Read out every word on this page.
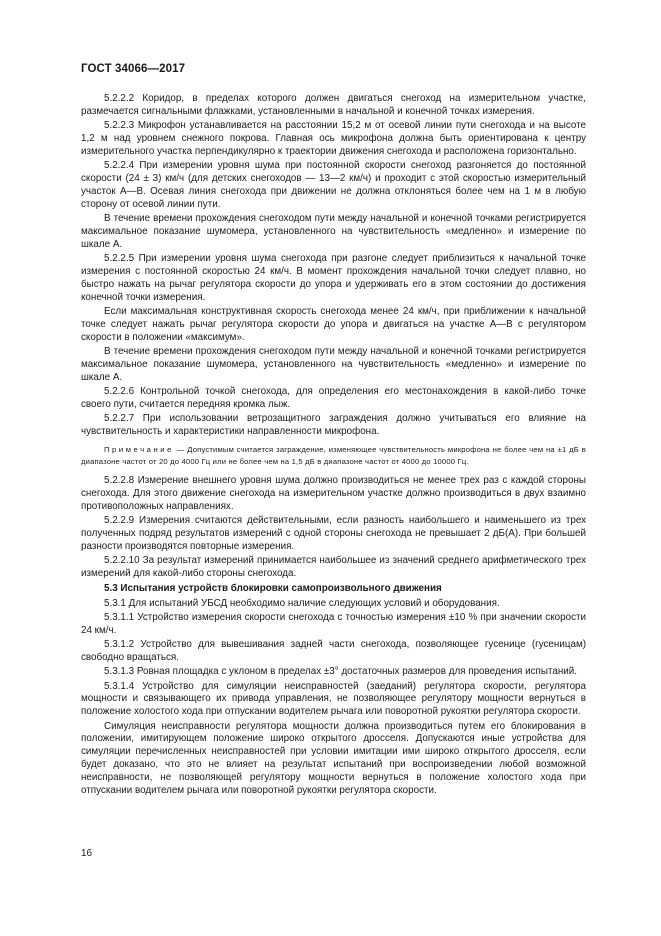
ГОСТ 34066—2017

5.2.2.2 Коридор, в пределах которого должен двигаться снегоход на измерительном участке, размечается сигнальными флажками, установленными в начальной и конечной точках измерения.

5.2.2.3 Микрофон устанавливается на расстоянии 15,2 м от осевой линии пути снегохода и на высоте 1,2 м над уровнем снежного покрова. Главная ось микрофона должна быть ориентирована к центру измерительного участка перпендикулярно к траектории движения снегохода и расположена горизонтально.

5.2.2.4 При измерении уровня шума при постоянной скорости снегоход разгоняется до постоянной скорости (24 ± 3) км/ч (для детских снегоходов — 13—2 км/ч) и проходит с этой скоростью измерительный участок А—В. Осевая линия снегохода при движении не должна отклоняться более чем на 1 м в любую сторону от осевой линии пути.

В течение времени прохождения снегоходом пути между начальной и конечной точками регистрируется максимальное показание шумомера, установленного на чувствительность «медленно» и измерение по шкале А.

5.2.2.5 При измерении уровня шума снегохода при разгоне следует приблизиться к начальной точке измерения с постоянной скоростью 24 км/ч. В момент прохождения начальной точки следует плавно, но быстро нажать на рычаг регулятора скорости до упора и удерживать его в этом состоянии до достижения конечной точки измерения.

Если максимальная конструктивная скорость снегохода менее 24 км/ч, при приближении к начальной точке следует нажать рычаг регулятора скорости до упора и двигаться на участке А—В с регулятором скорости в положении «максимум».

В течение времени прохождения снегоходом пути между начальной и конечной точками регистрируется максимальное показание шумомера, установленного на чувствительность «медленно» и измерение по шкале А.

5.2.2.6 Контрольной точкой снегохода, для определения его местонахождения в какой-либо точке своего пути, считается передняя кромка лыж.

5.2.2.7 При использовании ветрозащитного заграждения должно учитываться его влияние на чувствительность и характеристики направленности микрофона.

Примечание — Допустимым считается заграждение, изменяющее чувствительность микрофона не более чем на ±1 дБ в диапазоне частот от 20 до 4000 Гц или не более чем на 1,5 дБ в диапазоне частот от 4000 до 10000 Гц.

5.2.2.8 Измерение внешнего уровня шума должно производиться не менее трех раз с каждой стороны снегохода. Для этого движение снегохода на измерительном участке должно производиться в двух взаимно противоположных направлениях.

5.2.2.9 Измерения считаются действительными, если разность наибольшего и наименьшего из трех полученных подряд результатов измерений с одной стороны снегохода не превышает 2 дБ(А). При большей разности производятся повторные измерения.

5.2.2.10 За результат измерений принимается наибольшее из значений среднего арифметического трех измерений для какой-либо стороны снегохода.

5.3 Испытания устройств блокировки самопроизвольного движения

5.3.1 Для испытаний УБСД необходимо наличие следующих условий и оборудования.

5.3.1.1 Устройство измерения скорости снегохода с точностью измерения ±10 % при значении скорости 24 км/ч.

5.3.1.2 Устройство для вывешивания задней части снегохода, позволяющее гусенице (гусеницам) свободно вращаться.

5.3.1.3 Ровная площадка с уклоном в пределах ±3° достаточных размеров для проведения испытаний.

5.3.1.4 Устройство для симуляции неисправностей (заеданий) регулятора скорости, регулятора мощности и связывающего их привода управления, не позволяющее регулятору мощности вернуться в положение холостого хода при отпускании водителем рычага или поворотной рукоятки регулятора скорости.

Симуляция неисправности регулятора мощности должна производиться путем его блокирования в положении, имитирующем положение широко открытого дросселя. Допускаются иные устройства для симуляции перечисленных неисправностей при условии имитации ими широко открытого дросселя, если будет доказано, что это не влияет на результат испытаний при воспроизведении любой возможной неисправности, не позволяющей регулятору мощности вернуться в положение холостого хода при отпускании водителем рычага или поворотной рукоятки регулятора скорости.

16
